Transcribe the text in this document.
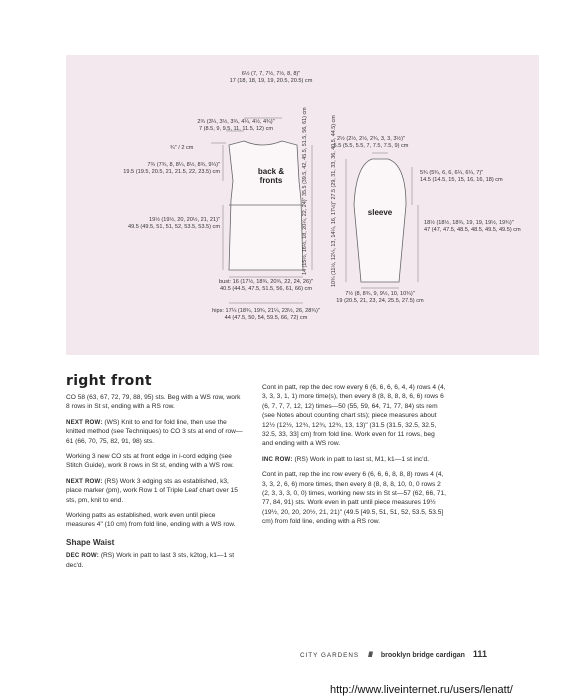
6½ (7, 7, 7½, 7½, 8, 8)"
17 (18, 18, 19, 19, 20.5, 20.5) cm
2¾ (3¼, 3½, 3¾, 4¼, 4½, 4¾)"
7 (8.5, 9, 9.5, 11, 11.5, 12) cm
¾" / 2 cm
7¾ (7¾, 8, 8¼, 8½, 8¾, 9¼)"
19.5 (19.5, 20.5, 21, 21.5, 22, 23.5) cm
19½ (19½, 20, 20½, 21, 21)"
49.5 (49.5, 51, 51, 52, 53.5, 53.5) cm
bust: 16 (17½, 18¾, 20¾, 22, 24, 26)"
40.5 (44.5, 47.5, 51.5, 56, 61, 66) cm
hips: 17¼ (18¾, 19¾, 21¼, 23½, 26, 28¾)"
44 (47.5, 50, 54, 59.5, 66, 72) cm
14 (15½, 16½, 18, 20¼, 22, 24)" 35.5 (39.5, 42, 45.5, 51.5, 56, 61) cm
back & fronts
2½ (2½, 2½, 2¾, 3, 3, 3½)"
5.5 (5.5, 5.5, 7, 7.5, 7.5, 9) cm
5¾ (5¾, 6, 6, 6¼, 6¼, 7)"
14.5 (14.5, 15, 15, 16, 16, 18) cm
10¾ (11½, 12¼, 13, 14¼, 16, 17½)" 27.5 (29, 31, 33, 36, 40.5, 44.5) cm
18½ (18½, 18¾, 19, 19, 19½, 19¾)"
47 (47, 47.5, 48.5, 48.5, 49.5, 49.5) cm
7½ (8, 8¾, 9, 9½, 10, 10¾)"
19 (20.5, 21, 23, 24, 25.5, 27.5) cm
sleeve
right front

CO 58 (63, 67, 72, 79, 88, 95) sts. Beg with a WS row, work 8 rows in St st, ending with a RS row.

NEXT ROW: (WS) Knit to end for fold line, then use the knitted method (see Techniques) to CO 3 sts at end of row—61 (66, 70, 75, 82, 91, 98) sts.

Working 3 new CO sts at front edge in i-cord edging (see Stitch Guide), work 8 rows in St st, ending with a WS row.

NEXT ROW: (RS) Work 3 edging sts as established, k3, place marker (pm), work Row 1 of Triple Leaf chart over 15 sts, pm, knit to end.

Working patts as established, work even until piece measures 4" (10 cm) from fold line, ending with a WS row.

Shape Waist

DEC ROW: (RS) Work in patt to last 3 sts, k2tog, k1—1 st dec'd.

Cont in patt, rep the dec row every 6 (6, 6, 6, 6, 4, 4) rows 4 (4, 3, 3, 3, 1, 1) more time(s), then every 8 (8, 8, 8, 8, 6, 6) rows 6 (6, 7, 7, 7, 12, 12) times—50 (55, 59, 64, 71, 77, 84) sts rem (see Notes about counting chart sts); piece measures about 12½ (12½, 12¾, 12¾, 12¾, 13, 13)" (31.5 (31.5, 32.5, 32.5, 32.5, 33, 33] cm) from fold line. Work even for 11 rows, beg and ending with a WS row.

INC ROW: (RS) Work in patt to last st, M1, k1—1 st inc'd.

Cont in patt, rep the inc row every 6 (6, 6, 6, 8, 8, 8) rows 4 (4, 3, 3, 2, 6, 6) more times, then every 8 (8, 8, 8, 10, 0, 0 rows 2 (2, 3, 3, 3, 0, 0) times, working new sts in St st—57 (62, 66, 71, 77, 84, 91) sts. Work even in patt until piece measures 19½ (19½, 20, 20, 20½, 21, 21)" (49.5 [49.5, 51, 51, 52, 53.5, 53.5] cm) from fold line, ending with a RS row.

CITY GARDENS //// brooklyn bridge cardigan 111
http://www.liveinternet.ru/users/lenatt/
